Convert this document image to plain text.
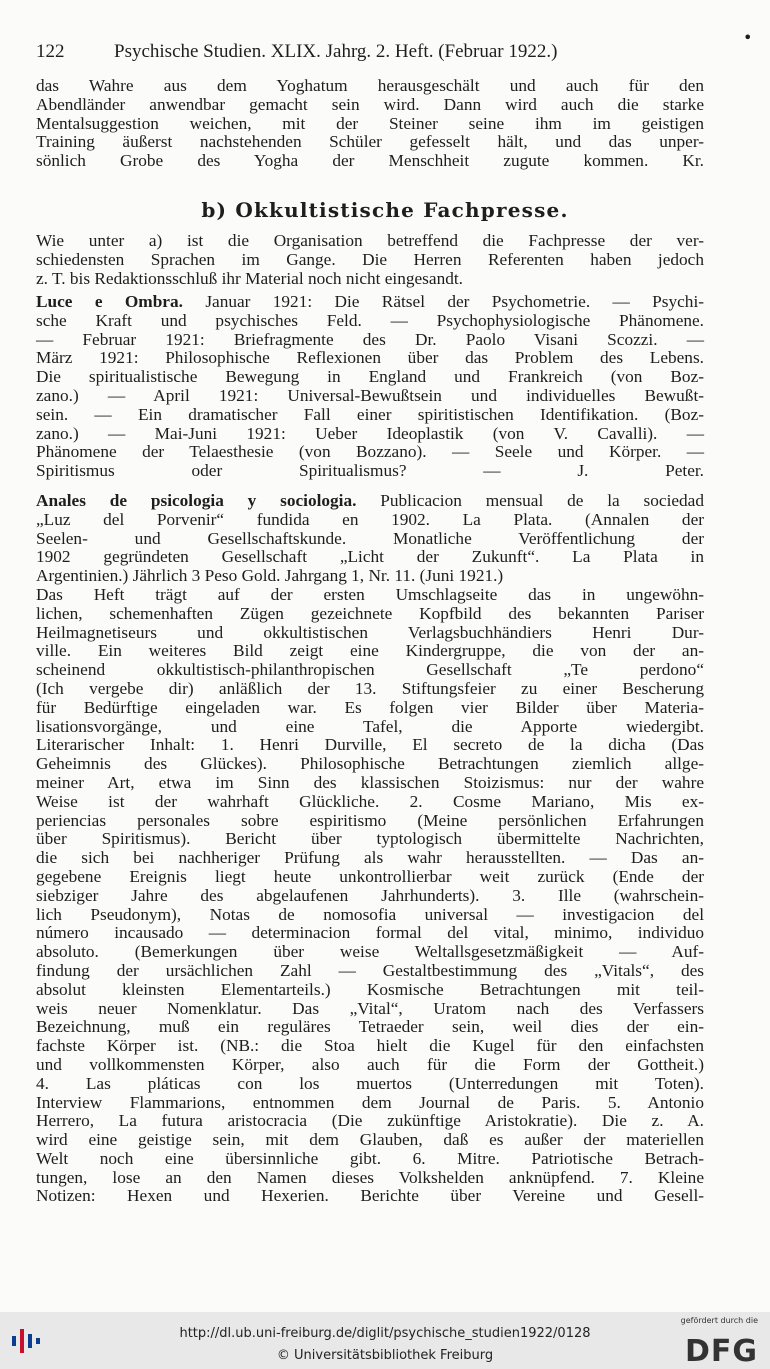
122	Psychische Studien. XLIX. Jahrg. 2. Heft. (Februar 1922.)
•
das Wahre aus dem Yoghatum herausgeschält und auch für den
Abendländer anwendbar gemacht sein wird. Dann wird auch die starke
Mentalsuggestion weichen, mit der Steiner seine ihm im geistigen
Training äußerst nachstehenden Schüler gefesselt hält, und das unper-
sönlich Grobe des Yogha der Menschheit zugute kommen. Kr.
b) Okkultistische Fachpresse.
Wie unter a) ist die Organisation betreffend die Fachpresse der ver-
schiedensten Sprachen im Gange. Die Herren Referenten haben jedoch
z. T. bis Redaktionsschluß ihr Material noch nicht eingesandt.
Luce e Ombra. Januar 1921: Die Rätsel der Psychometrie. — Psychi-
sche Kraft und psychisches Feld. — Psychophysiologische Phänomene.
— Februar 1921: Briefragmente des Dr. Paolo Visani Scozzi. —
März 1921: Philosophische Reflexionen über das Problem des Lebens.
Die spiritualistische Bewegung in England und Frankreich (von Boz-
zano.) — April 1921: Universal-Bewußtsein und individuelles Bewußt-
sein. — Ein dramatischer Fall einer spiritistischen Identifikation. (Boz-
zano.) — Mai-Juni 1921: Ueber Ideoplastik (von V. Cavalli). —
Phänomene der Telaesthesie (von Bozzano). — Seele und Körper. —
Spiritismus oder Spiritualismus? — J. Peter.
Anales de psicologia y sociologia. Publicacion mensual de la sociedad
„Luz del Porvenir“ fundida en 1902. La Plata. (Annalen der
Seelen- und Gesellschaftskunde. Monatliche Veröffentlichung der
1902 gegründeten Gesellschaft „Licht der Zukunft“. La Plata in
Argentinien.) Jährlich 3 Peso Gold. Jahrgang 1, Nr. 11. (Juni 1921.)
Das Heft trägt auf der ersten Umschlagseite das in ungewöhn-
lichen, schemenhaften Zügen gezeichnete Kopfbild des bekannten Pariser
Heilmagnetiseurs und okkultistischen Verlagsbuchhändiers Henri Dur-
ville. Ein weiteres Bild zeigt eine Kindergruppe, die von der an-
scheinend okkultistisch-philanthropischen Gesellschaft „Te perdono“
(Ich vergebe dir) anläßlich der 13. Stiftungsfeier zu einer Bescherung
für Bedürftige eingeladen war. Es folgen vier Bilder über Materia-
lisationsvorgänge, und eine Tafel, die Apporte wiedergibt.
Literarischer Inhalt: 1. Henri Durville, El secreto de la dicha (Das
Geheimnis des Glückes). Philosophische Betrachtungen ziemlich allge-
meiner Art, etwa im Sinn des klassischen Stoizismus: nur der wahre
Weise ist der wahrhaft Glückliche. 2. Cosme Mariano, Mis ex-
periencias personales sobre espiritismo (Meine persönlichen Erfahrungen
über Spiritismus). Bericht über typtologisch übermittelte Nachrichten,
die sich bei nachheriger Prüfung als wahr herausstellten. — Das an-
gegebene Ereignis liegt heute unkontrollierbar weit zurück (Ende der
siebziger Jahre des abgelaufenen Jahrhunderts). 3. Ille (wahrschein-
lich Pseudonym), Notas de nomosofia universal — investigacion del
número incausado — determinacion formal del vital, minimo, individuo
absoluto. (Bemerkungen über weise Weltallsgesetzmäßigkeit — Auf-
findung der ursächlichen Zahl — Gestaltbestimmung des „Vitals“, des
absolut kleinsten Elementarteils.) Kosmische Betrachtungen mit teil-
weis neuer Nomenklatur. Das „Vital“, Uratom nach des Verfassers
Bezeichnung, muß ein reguläres Tetraeder sein, weil dies der ein-
fachste Körper ist. (NB.: die Stoa hielt die Kugel für den einfachsten
und vollkommensten Körper, also auch für die Form der Gottheit.)
4. Las pláticas con los muertos (Unterredungen mit Toten).
Interview Flammarions, entnommen dem Journal de Paris. 5. Antonio
Herrero, La futura aristocracia (Die zukünftige Aristokratie). Die z. A.
wird eine geistige sein, mit dem Glauben, daß es außer der materiellen
Welt noch eine übersinnliche gibt. 6. Mitre. Patriotische Betrach-
tungen, lose an den Namen dieses Volkshelden anknüpfend. 7. Kleine
Notizen: Hexen und Hexerien. Berichte über Vereine und Gesell-
http://dl.ub.uni-freiburg.de/diglit/psychische_studien1922/0128
© Universitätsbibliothek Freiburg
gefördert durch die
DFG
